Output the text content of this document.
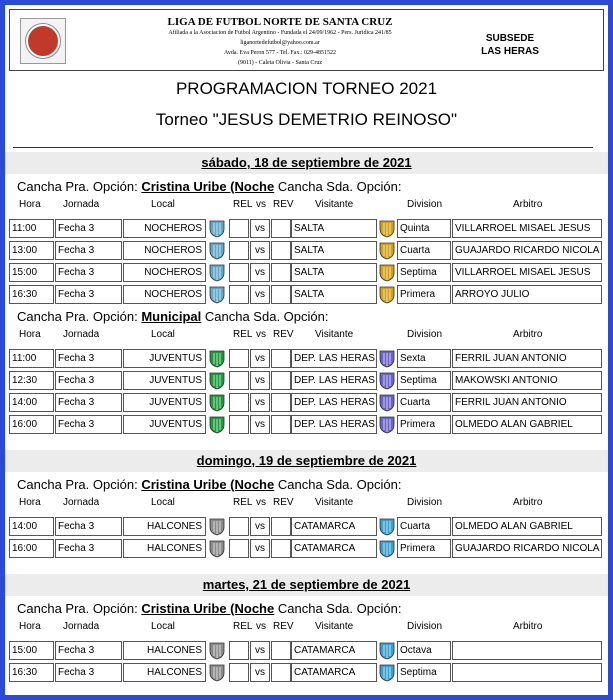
LIGA DE FUTBOL NORTE DE SANTA CRUZ
Afiliada a la Asociacion de Futbol Argentino - Fundada el 24/09/1962 - Pers. Juridica 241/85
liganortedefutbol@yahoo.com.ar
Avda. Eva Peron 577 - Tel. Fax.: 029-4851522
(9011) - Caleta Olivia - Santa Cruz
SUBSEDE
LAS HERAS
PROGRAMACION TORNEO 2021
Torneo "JESUS DEMETRIO REINOSO"
sábado, 18 de septiembre de 2021
Cancha Pra. Opción: Cristina Uribe (Noche Cancha Sda. Opción:
Hora Jornada	Local	REL vs REV Visitante	Division	Arbitro
11:00	Fecha 3	NOCHEROS	vs	SALTA	Quinta	VILLARROEL MISAEL JESUS
13:00	Fecha 3	NOCHEROS	vs	SALTA	Cuarta	GUAJARDO RICARDO NICOLA
15:00	Fecha 3	NOCHEROS	vs	SALTA	Septima	VILLARROEL MISAEL JESUS
16:30	Fecha 3	NOCHEROS	vs	SALTA	Primera	ARROYO JULIO
Cancha Pra. Opción: Municipal Cancha Sda. Opción:
Hora Jornada	Local	REL vs REV Visitante	Division	Arbitro
11:00	Fecha 3	JUVENTUS	vs	DEP. LAS HERAS	Sexta	FERRIL JUAN ANTONIO
12:30	Fecha 3	JUVENTUS	vs	DEP. LAS HERAS	Septima	MAKOWSKI ANTONIO
14:00	Fecha 3	JUVENTUS	vs	DEP. LAS HERAS	Cuarta	FERRIL JUAN ANTONIO
16:00	Fecha 3	JUVENTUS	vs	DEP. LAS HERAS	Primera	OLMEDO ALAN GABRIEL
domingo, 19 de septiembre de 2021
Cancha Pra. Opción: Cristina Uribe (Noche Cancha Sda. Opción:
Hora Jornada	Local	REL vs REV Visitante	Division	Arbitro
14:00	Fecha 3	HALCONES	vs	CATAMARCA	Cuarta	OLMEDO ALAN GABRIEL
16:00	Fecha 3	HALCONES	vs	CATAMARCA	Primera	GUAJARDO RICARDO NICOLA
martes, 21 de septiembre de 2021
Cancha Pra. Opción: Cristina Uribe (Noche Cancha Sda. Opción:
Hora Jornada	Local	REL vs REV Visitante	Division	Arbitro
15:00	Fecha 3	HALCONES	vs	CATAMARCA	Octava
16:30	Fecha 3	HALCONES	vs	CATAMARCA	Septima
